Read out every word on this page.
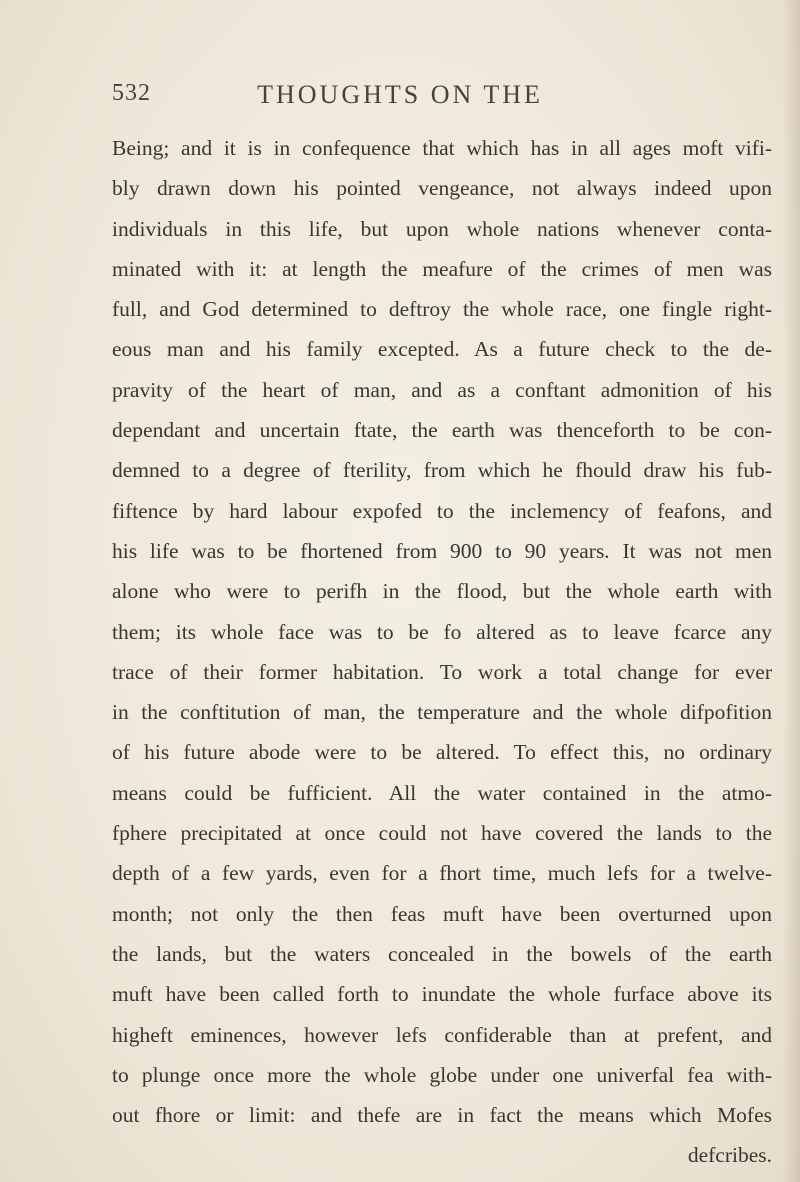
532	THOUGHTS ON THE
Being; and it is in confequence that which has in all ages moft vifi-
bly drawn down his pointed vengeance, not always indeed upon
individuals in this life, but upon whole nations whenever conta-
minated with it: at length the meafure of the crimes of men was
full, and God determined to deftroy the whole race, one fingle right-
eous man and his family excepted. As a future check to the de-
pravity of the heart of man, and as a conftant admonition of his
dependant and uncertain ftate, the earth was thenceforth to be con-
demned to a degree of fterility, from which he fhould draw his fub-
fiftence by hard labour expofed to the inclemency of feafons, and
his life was to be fhortened from 900 to 90 years. It was not men
alone who were to perifh in the flood, but the whole earth with
them; its whole face was to be fo altered as to leave fcarce any
trace of their former habitation. To work a total change for ever
in the conftitution of man, the temperature and the whole difpofition
of his future abode were to be altered. To effect this, no ordinary
means could be fufficient. All the water contained in the atmo-
fphere precipitated at once could not have covered the lands to the
depth of a few yards, even for a fhort time, much lefs for a twelve-
month; not only the then feas muft have been overturned upon
the lands, but the waters concealed in the bowels of the earth
muft have been called forth to inundate the whole furface above its
higheft eminences, however lefs confiderable than at prefent, and
to plunge once more the whole globe under one univerfal fea with-
out fhore or limit: and thefe are in fact the means which Mofes
defcribes.
